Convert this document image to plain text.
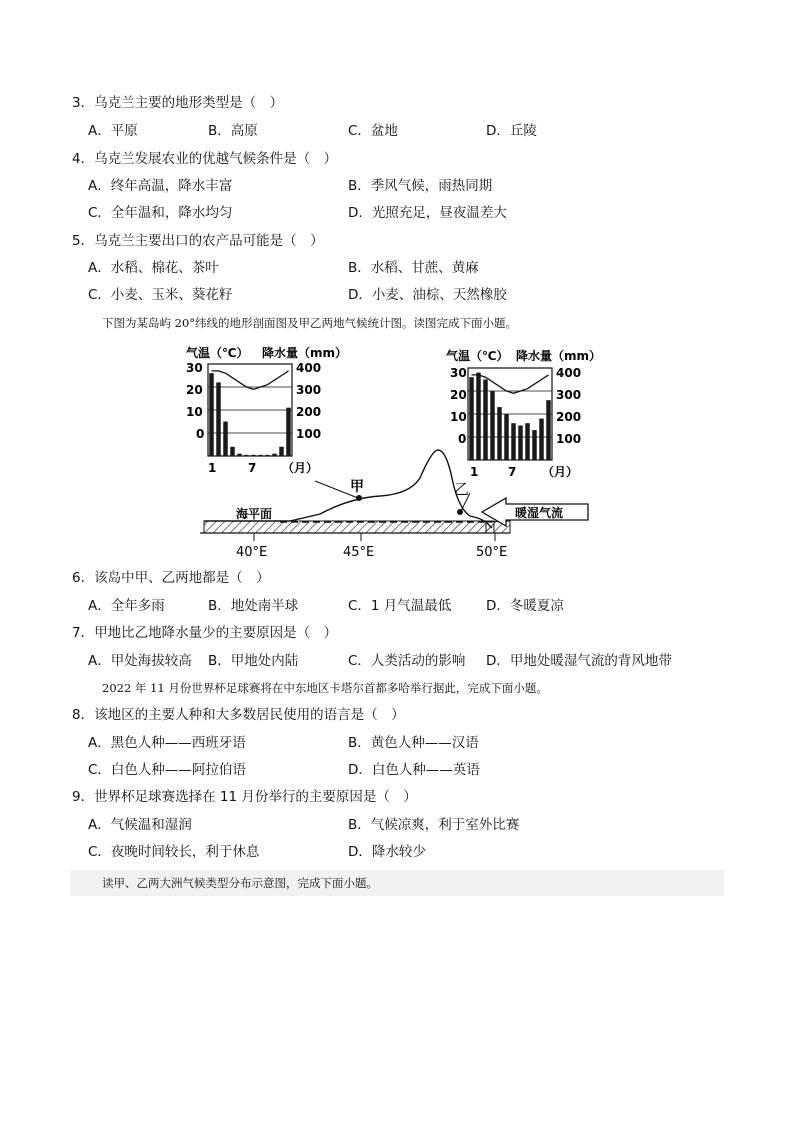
3．乌克兰主要的地形类型是（　）
A．平原	B．高原	C．盆地	D．丘陵
4．乌克兰发展农业的优越气候条件是（　）
A．终年高温，降水丰富	B．季风气候，雨热同期
C．全年温和，降水均匀	D．光照充足，昼夜温差大
5．乌克兰主要出口的农产品可能是（　）
A．水稻、棉花、茶叶	B．水稻、甘蔗、黄麻
C．小麦、玉米、葵花籽	D．小麦、油棕、天然橡胶
下图为某岛屿 20°纬线的地形剖面图及甲乙两地气候统计图。读图完成下面小题。
气温（℃） 降水量（mm）
30
20
10
0
400
300
200
100
1	7 （月）
气温（℃） 降水量（mm）
30
20
10
0
400
300
200
100
1 7 （月）
甲	乙
海平面	暖湿气流
40°E	45°E	50°E
6．该岛中甲、乙两地都是（　）
A．全年多雨	B．地处南半球	C．1 月气温最低	D．冬暖夏凉
7．甲地比乙地降水量少的主要原因是（　）
A．甲处海拔较高 B．甲地处内陆	C．人类活动的影响 D．甲地处暖湿气流的背风地带
2022 年 11 月份世界杯足球赛将在中东地区卡塔尔首都多哈举行据此，完成下面小题。
8．该地区的主要人种和大多数居民使用的语言是（　）
A．黑色人种——西班牙语	B．黄色人种——汉语
C．白色人种——阿拉伯语	D．白色人种——英语
9．世界杯足球赛选择在 11 月份举行的主要原因是（　）
A．气候温和湿润	B．气候凉爽，利于室外比赛
C．夜晚时间较长，利于休息	D．降水较少
读甲、乙两大洲气候类型分布示意图，完成下面小题。
